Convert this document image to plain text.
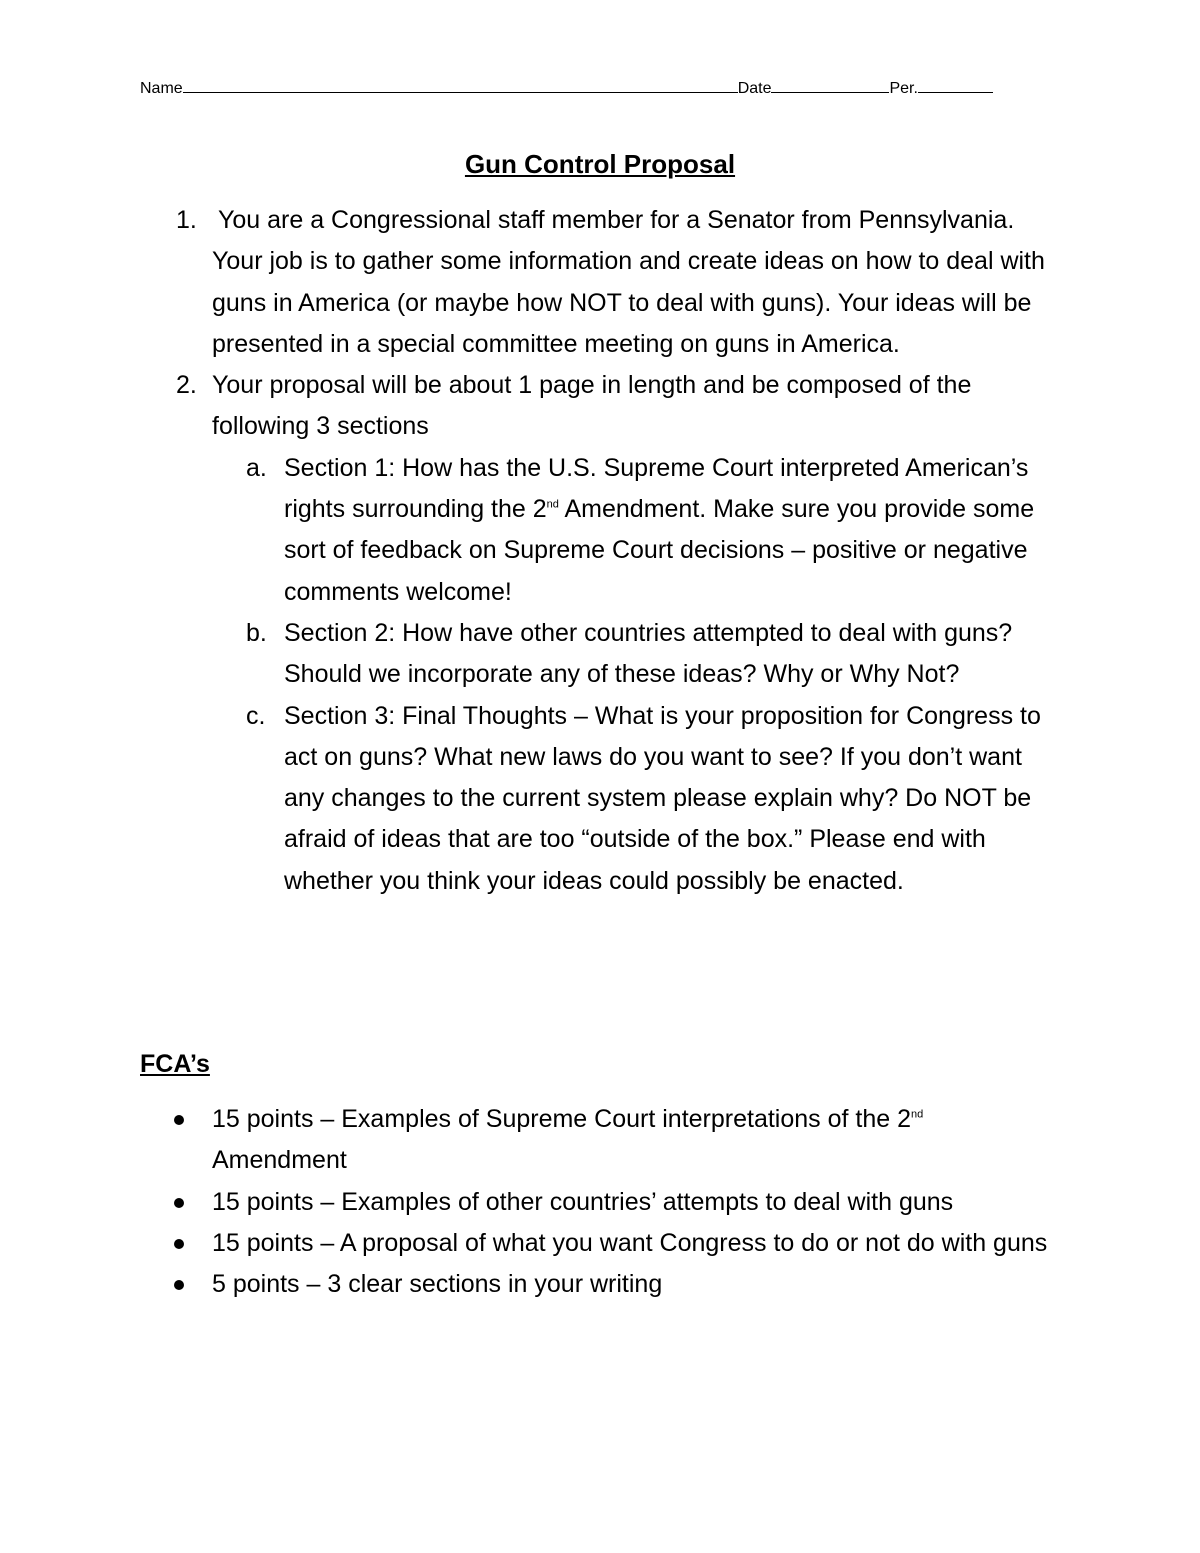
Name	Date	Per.
Gun Control Proposal
1. You are a Congressional staff member for a Senator from Pennsylvania. Your job is to gather some information and create ideas on how to deal with guns in America (or maybe how NOT to deal with guns). Your ideas will be presented in a special committee meeting on guns in America.
2. Your proposal will be about 1 page in length and be composed of the following 3 sections
a. Section 1: How has the U.S. Supreme Court interpreted American’s rights surrounding the 2nd Amendment. Make sure you provide some sort of feedback on Supreme Court decisions – positive or negative comments welcome!
b. Section 2: How have other countries attempted to deal with guns? Should we incorporate any of these ideas? Why or Why Not?
c. Section 3: Final Thoughts – What is your proposition for Congress to act on guns? What new laws do you want to see? If you don’t want any changes to the current system please explain why? Do NOT be afraid of ideas that are too “outside of the box.” Please end with whether you think your ideas could possibly be enacted.
FCA’s
15 points – Examples of Supreme Court interpretations of the 2nd Amendment
15 points – Examples of other countries’ attempts to deal with guns
15 points – A proposal of what you want Congress to do or not do with guns
5 points – 3 clear sections in your writing
